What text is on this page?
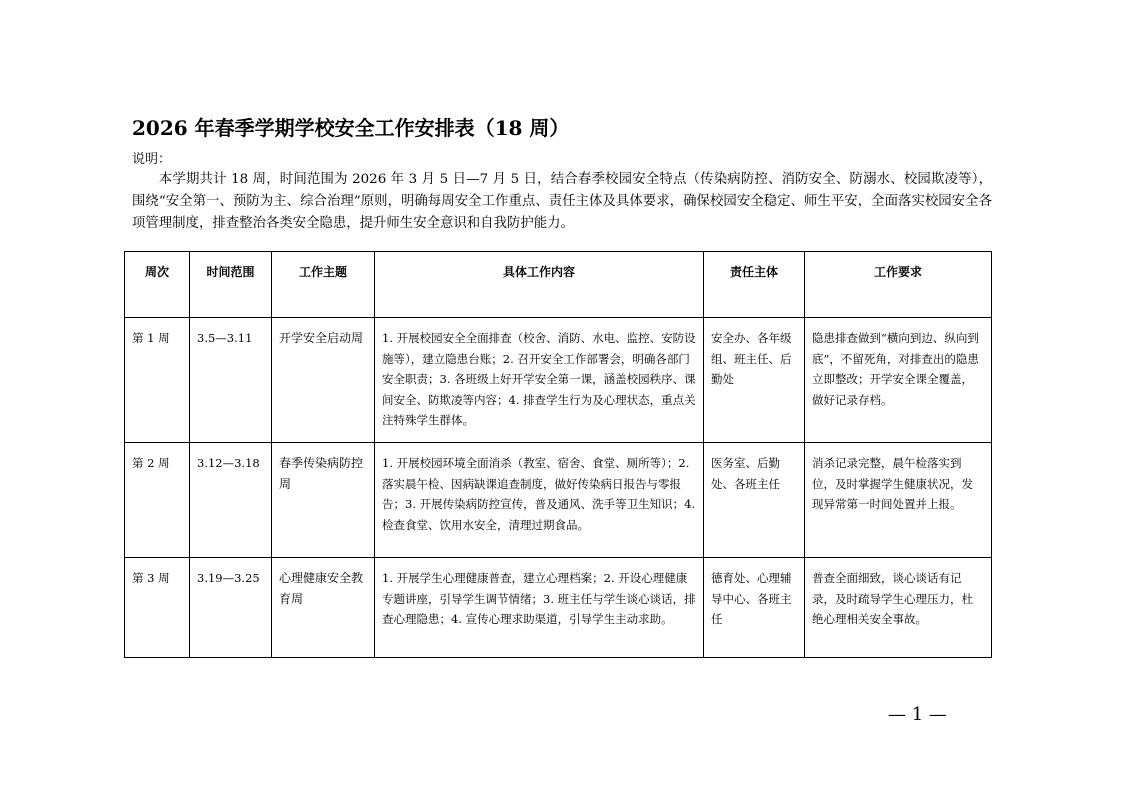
2026 年春季学期学校安全工作安排表（18 周）
说明：
本学期共计 18 周，时间范围为 2026 年 3 月 5 日—7 月 5 日，结合春季校园安全特点（传染病防控、消防安全、防溺水、校园欺凌等），围绕“安全第一、预防为主、综合治理”原则，明确每周安全工作重点、责任主体及具体要求，确保校园安全稳定、师生平安，全面落实校园安全各项管理制度，排查整治各类安全隐患，提升师生安全意识和自我防护能力。
周次	时间范围	工作主题	具体工作内容	责任主体	工作要求
第 1 周	3.5—3.11	开学安全启动周	1. 开展校园安全全面排查（校舍、消防、水电、监控、安防设施等），建立隐患台账；2. 召开安全工作部署会，明确各部门安全职责；3. 各班级上好开学安全第一课，涵盖校园秩序、课间安全、防欺凌等内容；4. 排查学生行为及心理状态，重点关注特殊学生群体。	安全办、各年级组、班主任、后勤处	隐患排查做到“横向到边、纵向到底”，不留死角，对排查出的隐患立即整改；开学安全课全覆盖，做好记录存档。
第 2 周	3.12—3.18	春季传染病防控周	1. 开展校园环境全面消杀（教室、宿舍、食堂、厕所等）；2. 落实晨午检、因病缺课追查制度，做好传染病日报告与零报告；3. 开展传染病防控宣传，普及通风、洗手等卫生知识；4. 检查食堂、饮用水安全，清理过期食品。	医务室、后勤处、各班主任	消杀记录完整，晨午检落实到位，及时掌握学生健康状况，发现异常第一时间处置并上报。
第 3 周	3.19—3.25	心理健康安全教育周	1. 开展学生心理健康普查，建立心理档案；2. 开设心理健康专题讲座，引导学生调节情绪；3. 班主任与学生谈心谈话，排查心理隐患；4. 宣传心理求助渠道，引导学生主动求助。	德育处、心理辅导中心、各班主任	普查全面细致，谈心谈话有记录，及时疏导学生心理压力，杜绝心理相关安全事故。
— 1 —
